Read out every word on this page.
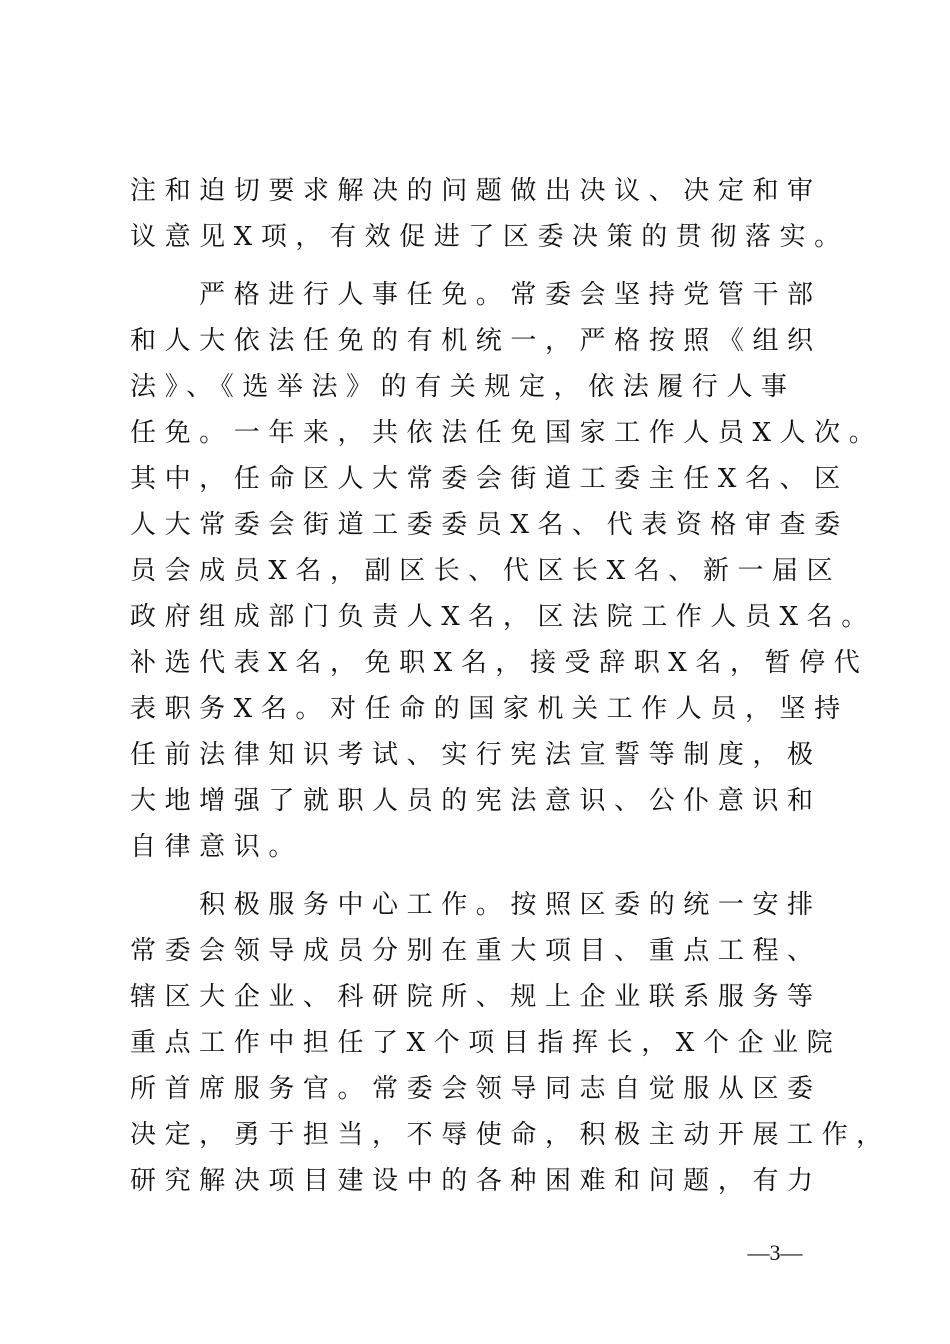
注和迫切要求解决的问题做出决议、决定和审
议意见X项，有效促进了区委决策的贯彻落实。
　　严格进行人事任免。常委会坚持党管干部
和人大依法任免的有机统一，严格按照《组织
法》、《选举法》的有关规定，依法履行人事
任免。一年来，共依法任免国家工作人员X人次。
其中，任命区人大常委会街道工委主任X名、区
人大常委会街道工委委员X名、代表资格审查委
员会成员X名，副区长、代区长X名、新一届区
政府组成部门负责人X名，区法院工作人员X名。
补选代表X名，免职X名，接受辞职X名，暂停代
表职务X名。对任命的国家机关工作人员，坚持
任前法律知识考试、实行宪法宣誓等制度，极
大地增强了就职人员的宪法意识、公仆意识和
自律意识。
　　积极服务中心工作。按照区委的统一安排
常委会领导成员分别在重大项目、重点工程、
辖区大企业、科研院所、规上企业联系服务等
重点工作中担任了X个项目指挥长，X个企业院
所首席服务官。常委会领导同志自觉服从区委
决定，勇于担当，不辱使命，积极主动开展工作，
研究解决项目建设中的各种困难和问题，有力
—3—
